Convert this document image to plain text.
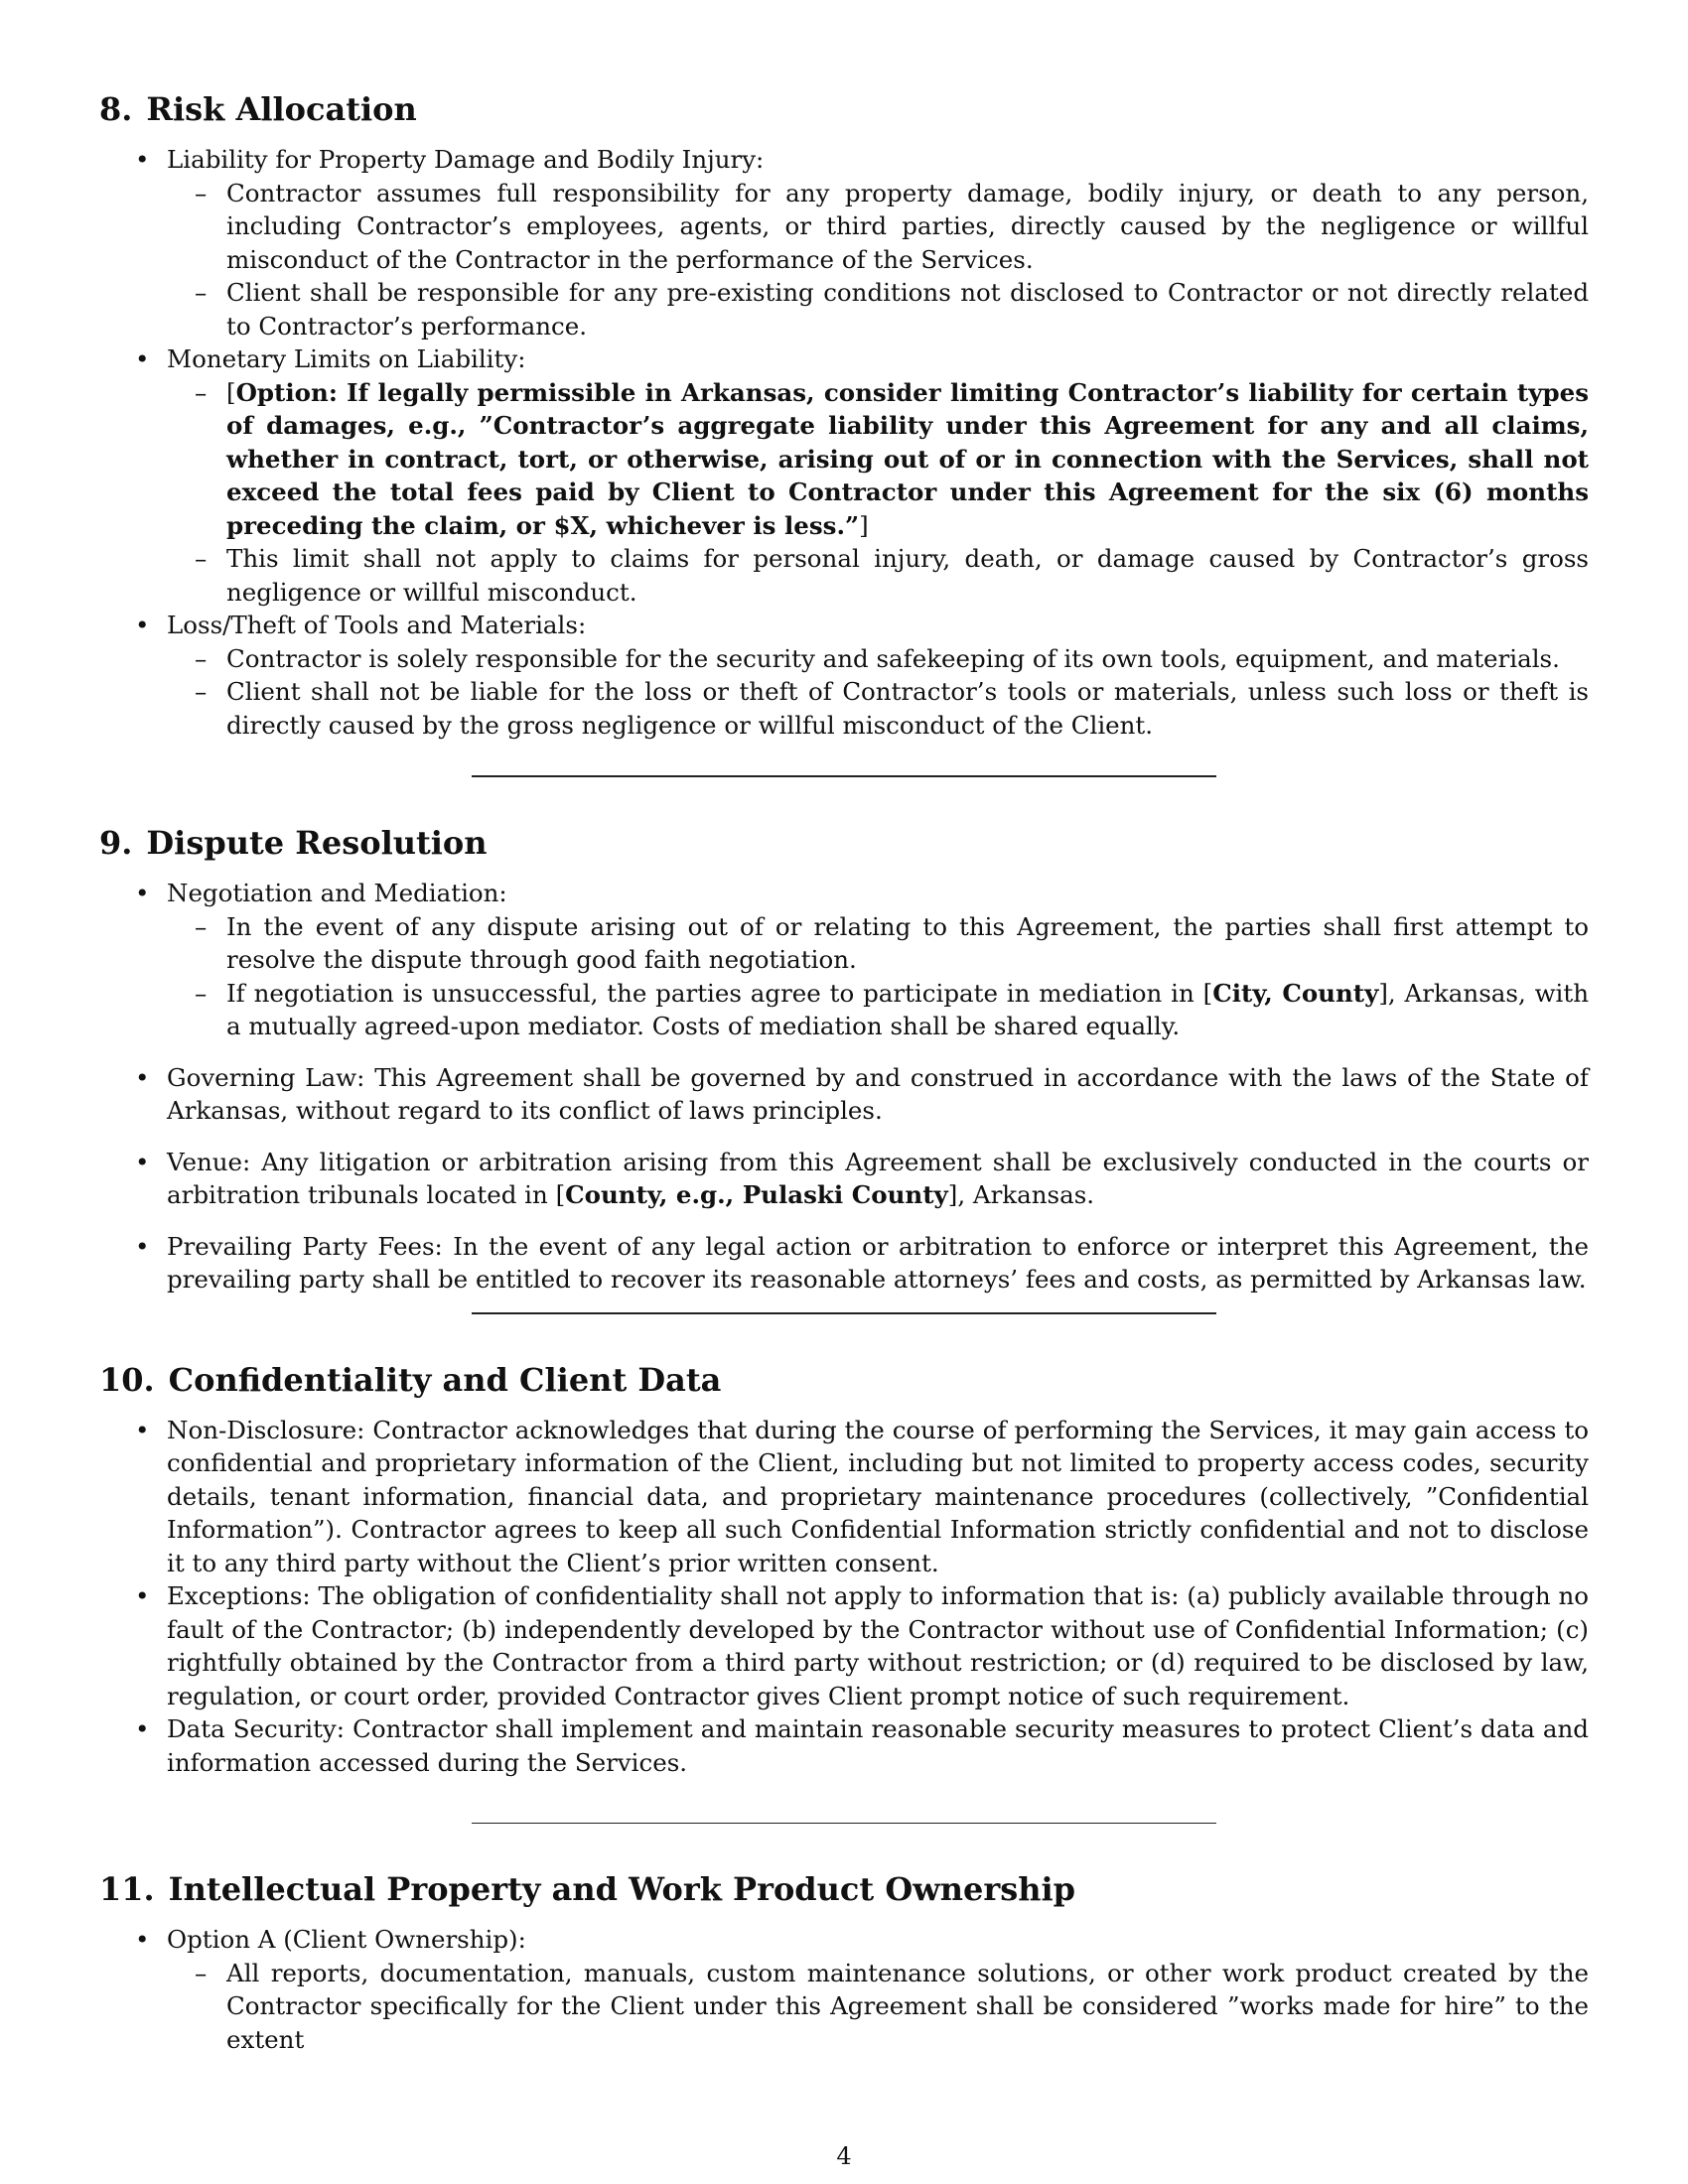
8. Risk Allocation
• Liability for Property Damage and Bodily Injury:
– Contractor assumes full responsibility for any property damage, bodily injury, or death to any person, including Contractor’s employees, agents, or third parties, directly caused by the negligence or willful misconduct of the Contractor in the performance of the Services.
– Client shall be responsible for any pre-existing conditions not disclosed to Contractor or not directly related to Contractor’s performance.
• Monetary Limits on Liability:
– [Option: If legally permissible in Arkansas, consider limiting Contractor’s liability for certain types of damages, e.g., ”Contractor’s aggregate liability under this Agreement for any and all claims, whether in contract, tort, or otherwise, arising out of or in connection with the Services, shall not exceed the total fees paid by Client to Contractor under this Agreement for the six (6) months preceding the claim, or $X, whichever is less.”]
– This limit shall not apply to claims for personal injury, death, or damage caused by Contractor’s gross negligence or willful misconduct.
• Loss/Theft of Tools and Materials:
– Contractor is solely responsible for the security and safekeeping of its own tools, equipment, and materials.
– Client shall not be liable for the loss or theft of Contractor’s tools or materials, unless such loss or theft is directly caused by the gross negligence or willful misconduct of the Client.
9. Dispute Resolution
• Negotiation and Mediation:
– In the event of any dispute arising out of or relating to this Agreement, the parties shall first attempt to resolve the dispute through good faith negotiation.
– If negotiation is unsuccessful, the parties agree to participate in mediation in [City, County], Arkansas, with a mutually agreed-upon mediator. Costs of mediation shall be shared equally.
• Governing Law: This Agreement shall be governed by and construed in accordance with the laws of the State of Arkansas, without regard to its conflict of laws principles.
• Venue: Any litigation or arbitration arising from this Agreement shall be exclusively conducted in the courts or arbitration tribunals located in [County, e.g., Pulaski County], Arkansas.
• Prevailing Party Fees: In the event of any legal action or arbitration to enforce or interpret this Agreement, the prevailing party shall be entitled to recover its reasonable attorneys’ fees and costs, as permitted by Arkansas law.
10. Confidentiality and Client Data
• Non-Disclosure: Contractor acknowledges that during the course of performing the Services, it may gain access to confidential and proprietary information of the Client, including but not limited to property access codes, security details, tenant information, financial data, and proprietary maintenance procedures (collectively, ”Confidential Information”). Contractor agrees to keep all such Confidential Information strictly confidential and not to disclose it to any third party without the Client’s prior written consent.
• Exceptions: The obligation of confidentiality shall not apply to information that is: (a) publicly available through no fault of the Contractor; (b) independently developed by the Contractor without use of Confidential Information; (c) rightfully obtained by the Contractor from a third party without restriction; or (d) required to be disclosed by law, regulation, or court order, provided Contractor gives Client prompt notice of such requirement.
• Data Security: Contractor shall implement and maintain reasonable security measures to protect Client’s data and information accessed during the Services.
11. Intellectual Property and Work Product Ownership
• Option A (Client Ownership):
– All reports, documentation, manuals, custom maintenance solutions, or other work product created by the Contractor specifically for the Client under this Agreement shall be considered ”works made for hire” to the extent
4
